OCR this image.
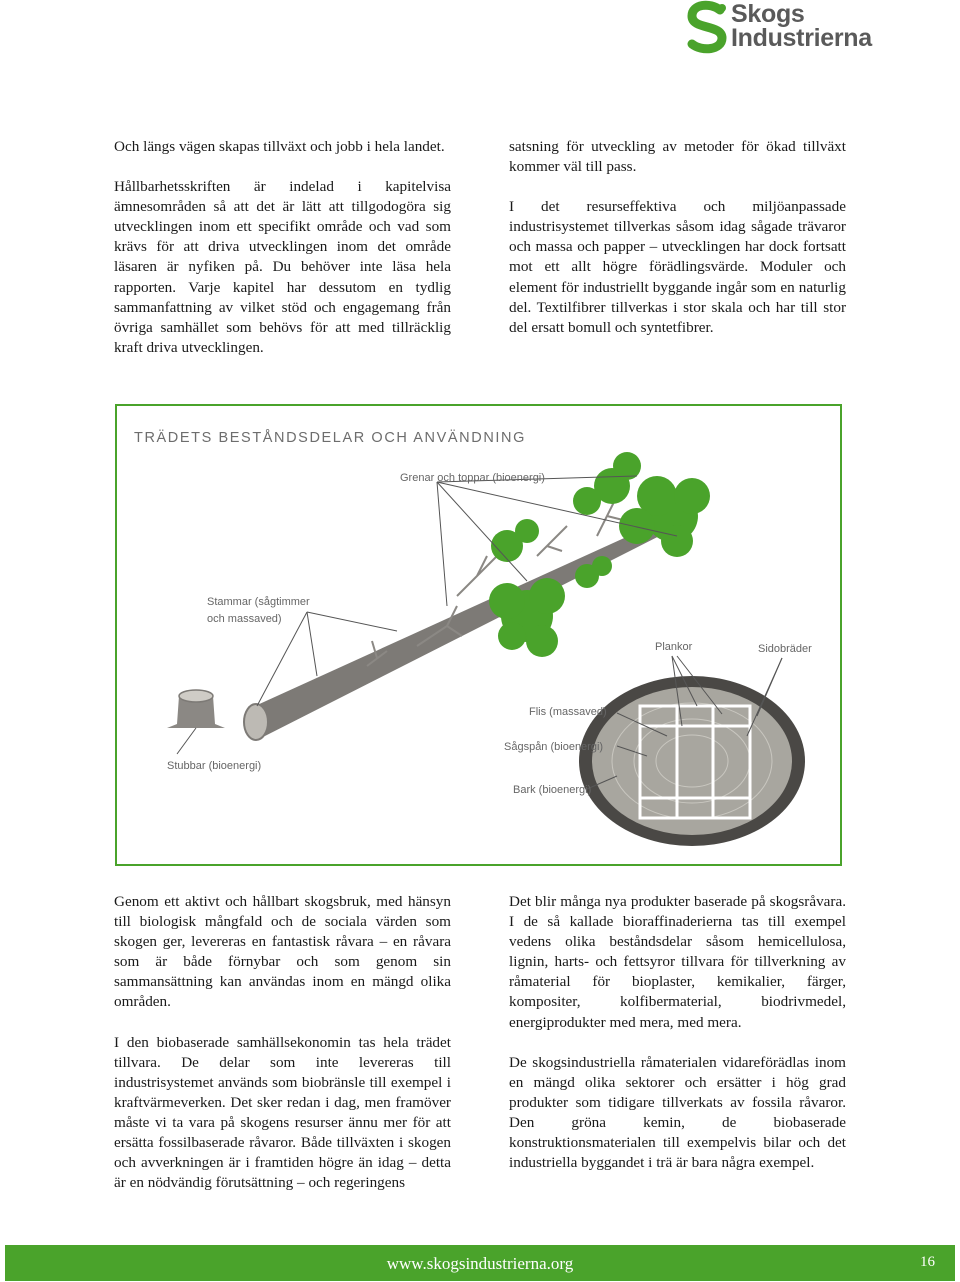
Skogs
Industrierna

Och längs vägen skapas tillväxt och jobb i hela landet.

Hållbarhetsskriften är indelad i kapitelvisa ämnesområden så att det är lätt att tillgodogöra sig utvecklingen inom ett specifikt område och vad som krävs för att driva utvecklingen inom det område läsaren är nyfiken på. Du behöver inte läsa hela rapporten. Varje kapitel har dessutom en tydlig sammanfattning av vilket stöd och engagemang från övriga samhället som behövs för att med tillräcklig kraft driva utvecklingen.

satsning för utveckling av metoder för ökad tillväxt kommer väl till pass.

I det resurseffektiva och miljöanpassade industrisystemet tillverkas såsom idag sågade trävaror och massa och papper – utvecklingen har dock fortsatt mot ett allt högre förädlingsvärde. Moduler och element för industriellt byggande ingår som en naturlig del. Textilfibrer tillverkas i stor skala och har till stor del ersatt bomull och syntetfibrer.

TRÄDETS BESTÅNDSDELAR OCH ANVÄNDNING
Grenar och toppar (bioenergi)
Stammar (sågtimmer
och massaved)
Stubbar (bioenergi)
Plankor	Sidobräder
Flis (massaved)
Sågspån (bioenergi)
Bark (bioenergi)

Genom ett aktivt och hållbart skogsbruk, med hänsyn till biologisk mångfald och de sociala värden som skogen ger, levereras en fantastisk råvara – en råvara som är både förnybar och som genom sin sammansättning kan användas inom en mängd olika områden.

I den biobaserade samhällsekonomin tas hela trädet tillvara. De delar som inte levereras till industrisystemet används som biobränsle till exempel i kraftvärmeverken. Det sker redan i dag, men framöver måste vi ta vara på skogens resurser ännu mer för att ersätta fossilbaserade råvaror. Både tillväxten i skogen och avverkningen är i framtiden högre än idag – detta är en nödvändig förutsättning – och regeringens

Det blir många nya produkter baserade på skogsråvara. I de så kallade bioraffinaderierna tas till exempel vedens olika beståndsdelar såsom hemicellulosa, lignin, harts- och fettsyror tillvara för tillverkning av råmaterial för bioplaster, kemikalier, färger, kompositer, kolfibermaterial, biodrivmedel, energiprodukter med mera, med mera.

De skogsindustriella råmaterialen vidareförädlas inom en mängd olika sektorer och ersätter i hög grad produkter som tidigare tillverkats av fossila råvaror. Den gröna kemin, de biobaserade konstruktionsmaterialen till exempelvis bilar och det industriella byggandet i trä är bara några exempel.

www.skogsindustrierna.org	16
